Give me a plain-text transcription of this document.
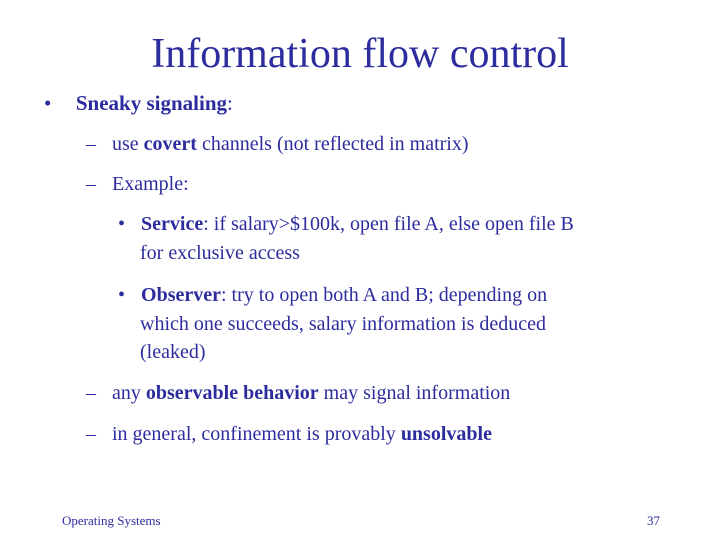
Information flow control
• Sneaky signaling:
– use covert channels (not reflected in matrix)
– Example:
• Service: if salary>$100k, open file A, else open file B
for exclusive access
• Observer: try to open both A and B; depending on
which one succeeds, salary information is deduced
(leaked)
– any observable behavior may signal information
– in general, confinement is provably unsolvable
Operating Systems	37
